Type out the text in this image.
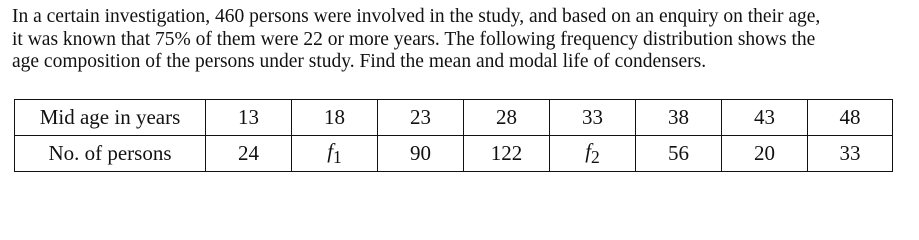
In a certain investigation, 460 persons were involved in the study, and based on an enquiry on their age,
it was known that 75% of them were 22 or more years. The following frequency distribution shows the
age composition of the persons under study. Find the mean and modal life of condensers.

Mid age in years	13	18	23	28	33	38	43	48
No. of persons	24	$f_1$	90	122	$f_2$	56	20	33
